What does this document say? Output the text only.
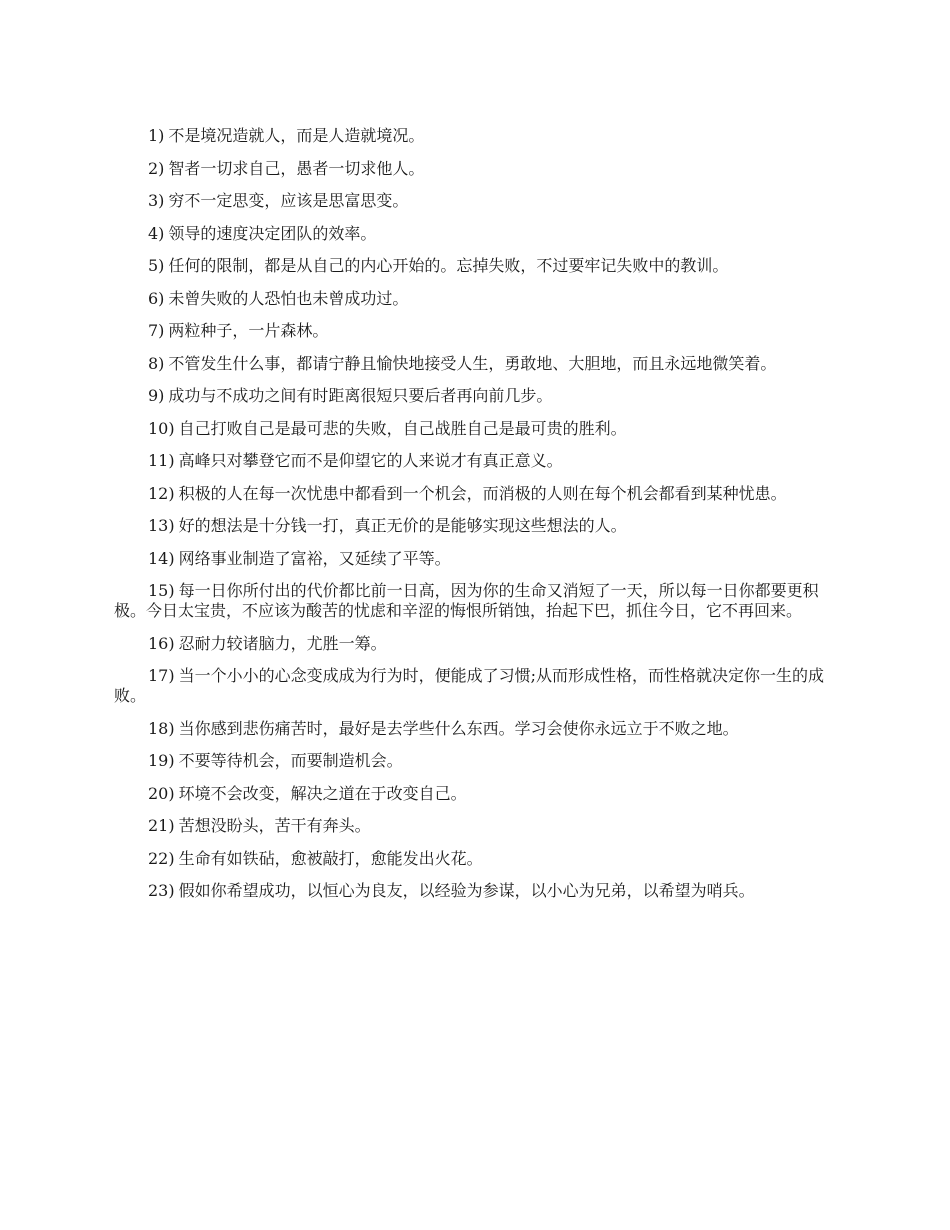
1) 不是境况造就人，而是人造就境况。

2) 智者一切求自己，愚者一切求他人。

3) 穷不一定思变，应该是思富思变。

4) 领导的速度决定团队的效率。

5) 任何的限制，都是从自己的内心开始的。忘掉失败，不过要牢记失败中的教训。

6) 未曾失败的人恐怕也未曾成功过。

7) 两粒种子，一片森林。

8) 不管发生什么事，都请宁静且愉快地接受人生，勇敢地、大胆地，而且永远地微笑着。

9) 成功与不成功之间有时距离很短只要后者再向前几步。

10) 自己打败自己是最可悲的失败，自己战胜自己是最可贵的胜利。

11) 高峰只对攀登它而不是仰望它的人来说才有真正意义。

12) 积极的人在每一次忧患中都看到一个机会，而消极的人则在每个机会都看到某种忧患。

13) 好的想法是十分钱一打，真正无价的是能够实现这些想法的人。

14) 网络事业制造了富裕，又延续了平等。

15) 每一日你所付出的代价都比前一日高，因为你的生命又消短了一天，所以每一日你都要更积极。今日太宝贵，不应该为酸苦的忧虑和辛涩的悔恨所销蚀，抬起下巴，抓住今日，它不再回来。

16) 忍耐力较诸脑力，尤胜一筹。

17) 当一个小小的心念变成成为行为时，便能成了习惯;从而形成性格，而性格就决定你一生的成败。

18) 当你感到悲伤痛苦时，最好是去学些什么东西。学习会使你永远立于不败之地。

19) 不要等待机会，而要制造机会。

20) 环境不会改变，解决之道在于改变自己。

21) 苦想没盼头，苦干有奔头。

22) 生命有如铁砧，愈被敲打，愈能发出火花。

23) 假如你希望成功，以恒心为良友，以经验为参谋，以小心为兄弟，以希望为哨兵。
